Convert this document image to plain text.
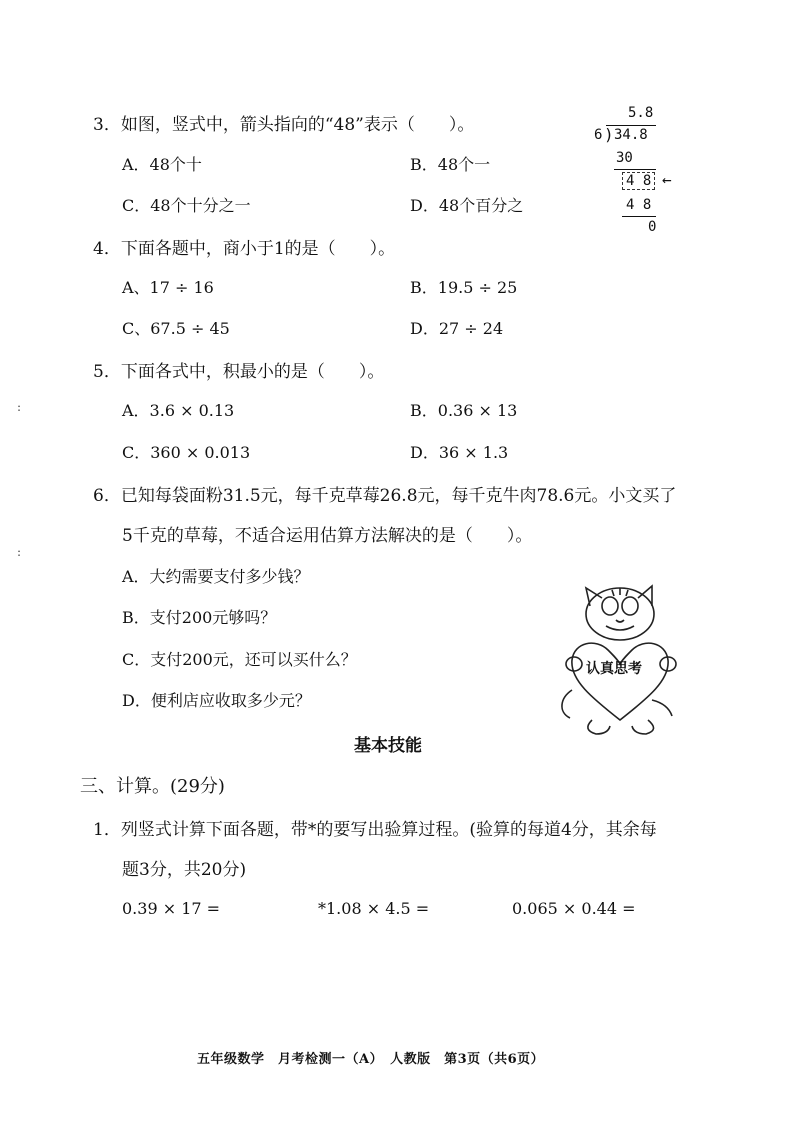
:
:
3．如图，竖式中，箭头指向的“48”表示（　　）。
A．48个十	B．48个一
C．48个十分之一	D．48个百分之
5.8
6 ) 34.8
30
4 8 ←
4 8
0
4．下面各题中，商小于1的是（　　）。
A、17 ÷ 16	B．19.5 ÷ 25
C、67.5 ÷ 45	D．27 ÷ 24
5．下面各式中，积最小的是（　　）。
A．3.6 × 0.13	B．0.36 × 13
C．360 × 0.013	D．36 × 1.3
6．已知每袋面粉31.5元，每千克草莓26.8元，每千克牛肉78.6元。小文买了
5千克的草莓，不适合运用估算方法解决的是（　　）。
A．大约需要支付多少钱？
B．支付200元够吗？
C．支付200元，还可以买什么？
D．便利店应收取多少元？
认真思考
基本技能
三、计算。(29分)
1．列竖式计算下面各题，带*的要写出验算过程。(验算的每道4分，其余每
题3分，共20分)
0.39 × 17 =	*1.08 × 4.5 =	0.065 × 0.44 =
五年级数学　月考检测一（A）　人教版　第3页（共6页）
